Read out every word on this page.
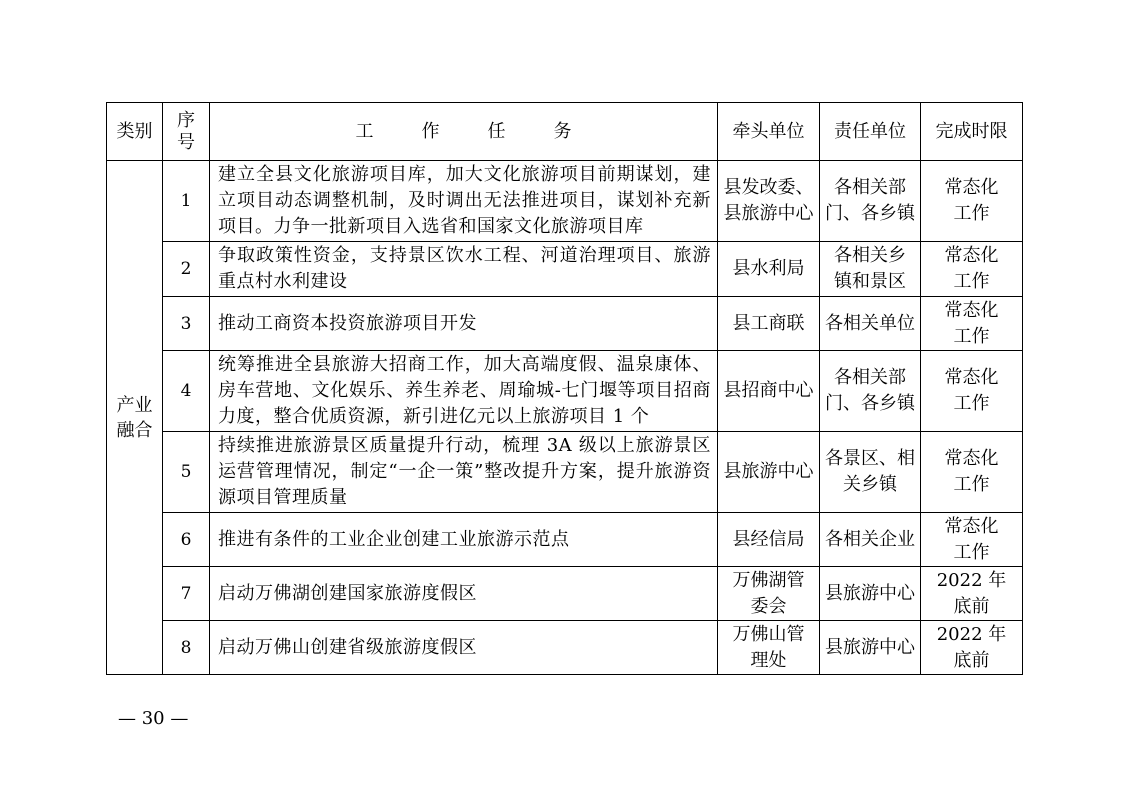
类别	序号	工 作 任 务	牵头单位	责任单位	完成时限

产业融合	1	建立全县文化旅游项目库，加大文化旅游项目前期谋划，建立项目动态调整机制，及时调出无法推进项目，谋划补充新项目。力争一批新项目入选省和国家文化旅游项目库	县发改委、县旅游中心	各相关部门、各乡镇	常态化工作
	2	争取政策性资金，支持景区饮水工程、河道治理项目、旅游重点村水利建设	县水利局	各相关乡镇和景区	常态化工作
	3	推动工商资本投资旅游项目开发	县工商联	各相关单位	常态化工作
	4	统筹推进全县旅游大招商工作，加大高端度假、温泉康体、房车营地、文化娱乐、养生养老、周瑜城-七门堰等项目招商力度，整合优质资源，新引进亿元以上旅游项目 1 个	县招商中心	各相关部门、各乡镇	常态化工作
	5	持续推进旅游景区质量提升行动，梳理 3A 级以上旅游景区运营管理情况，制定“一企一策”整改提升方案，提升旅游资源项目管理质量	县旅游中心	各景区、相关乡镇	常态化工作
	6	推进有条件的工业企业创建工业旅游示范点	县经信局	各相关企业	常态化工作
	7	启动万佛湖创建国家旅游度假区	万佛湖管委会	县旅游中心	2022 年底前
	8	启动万佛山创建省级旅游度假区	万佛山管理处	县旅游中心	2022 年底前
— 30 —
